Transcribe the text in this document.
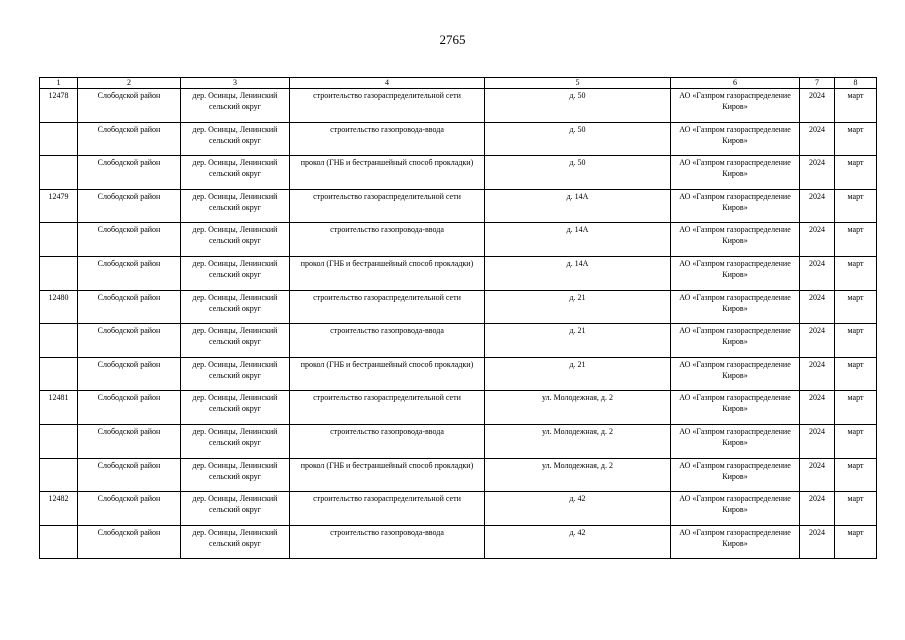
2765
1	2	3	4	5	6	7	8
12478	Слободской район	дер. Осинцы, Ленинский сельский округ	строительство газораспределительной сети	д. 50	АО «Газпром газораспределение Киров»	2024	март
	Слободской район	дер. Осинцы, Ленинский сельский округ	строительство газопровода-ввода	д. 50	АО «Газпром газораспределение Киров»	2024	март
	Слободской район	дер. Осинцы, Ленинский сельский округ	прокол (ГНБ и бестраншейный способ прокладки)	д. 50	АО «Газпром газораспределение Киров»	2024	март
12479	Слободской район	дер. Осинцы, Ленинский сельский округ	строительство газораспределительной сети	д. 14А	АО «Газпром газораспределение Киров»	2024	март
	Слободской район	дер. Осинцы, Ленинский сельский округ	строительство газопровода-ввода	д. 14А	АО «Газпром газораспределение Киров»	2024	март
	Слободской район	дер. Осинцы, Ленинский сельский округ	прокол (ГНБ и бестраншейный способ прокладки)	д. 14А	АО «Газпром газораспределение Киров»	2024	март
12480	Слободской район	дер. Осинцы, Ленинский сельский округ	строительство газораспределительной сети	д. 21	АО «Газпром газораспределение Киров»	2024	март
	Слободской район	дер. Осинцы, Ленинский сельский округ	строительство газопровода-ввода	д. 21	АО «Газпром газораспределение Киров»	2024	март
	Слободской район	дер. Осинцы, Ленинский сельский округ	прокол (ГНБ и бестраншейный способ прокладки)	д. 21	АО «Газпром газораспределение Киров»	2024	март
12481	Слободской район	дер. Осинцы, Ленинский сельский округ	строительство газораспределительной сети	ул. Молодежная, д. 2	АО «Газпром газораспределение Киров»	2024	март
	Слободской район	дер. Осинцы, Ленинский сельский округ	строительство газопровода-ввода	ул. Молодежная, д. 2	АО «Газпром газораспределение Киров»	2024	март
	Слободской район	дер. Осинцы, Ленинский сельский округ	прокол (ГНБ и бестраншейный способ прокладки)	ул. Молодежная, д. 2	АО «Газпром газораспределение Киров»	2024	март
12482	Слободской район	дер. Осинцы, Ленинский сельский округ	строительство газораспределительной сети	д. 42	АО «Газпром газораспределение Киров»	2024	март
	Слободской район	дер. Осинцы, Ленинский сельский округ	строительство газопровода-ввода	д. 42	АО «Газпром газораспределение Киров»	2024	март
